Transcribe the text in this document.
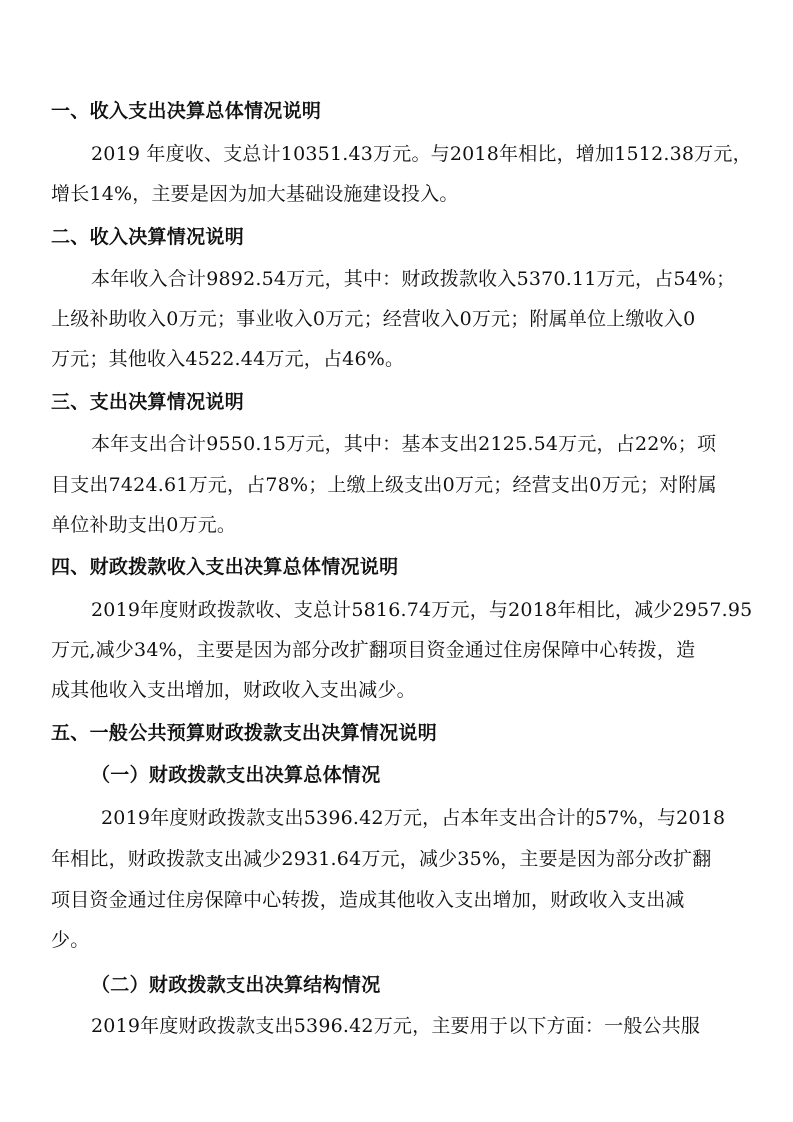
一、收入支出决算总体情况说明

2019 年度收、支总计10351.43万元。与2018年相比，增加1512.38万元，

增长14%，主要是因为加大基础设施建设投入。

二、收入决算情况说明

本年收入合计9892.54万元，其中：财政拨款收入5370.11万元，占54%；

上级补助收入0万元；事业收入0万元；经营收入0万元；附属单位上缴收入0

万元；其他收入4522.44万元，占46%。

三、支出决算情况说明

本年支出合计9550.15万元，其中：基本支出2125.54万元，占22%；项

目支出7424.61万元，占78%；上缴上级支出0万元；经营支出0万元；对附属

单位补助支出0万元。

四、财政拨款收入支出决算总体情况说明

2019年度财政拨款收、支总计5816.74万元，与2018年相比，减少2957.95

万元,减少34%，主要是因为部分改扩翻项目资金通过住房保障中心转拨，造

成其他收入支出增加，财政收入支出减少。

五、一般公共预算财政拨款支出决算情况说明
（一）财政拨款支出决算总体情况

2019年度财政拨款支出5396.42万元，占本年支出合计的57%，与2018

年相比，财政拨款支出减少2931.64万元，减少35%，主要是因为部分改扩翻

项目资金通过住房保障中心转拨，造成其他收入支出增加，财政收入支出减

少。

（二）财政拨款支出决算结构情况

2019年度财政拨款支出5396.42万元，主要用于以下方面：一般公共服
